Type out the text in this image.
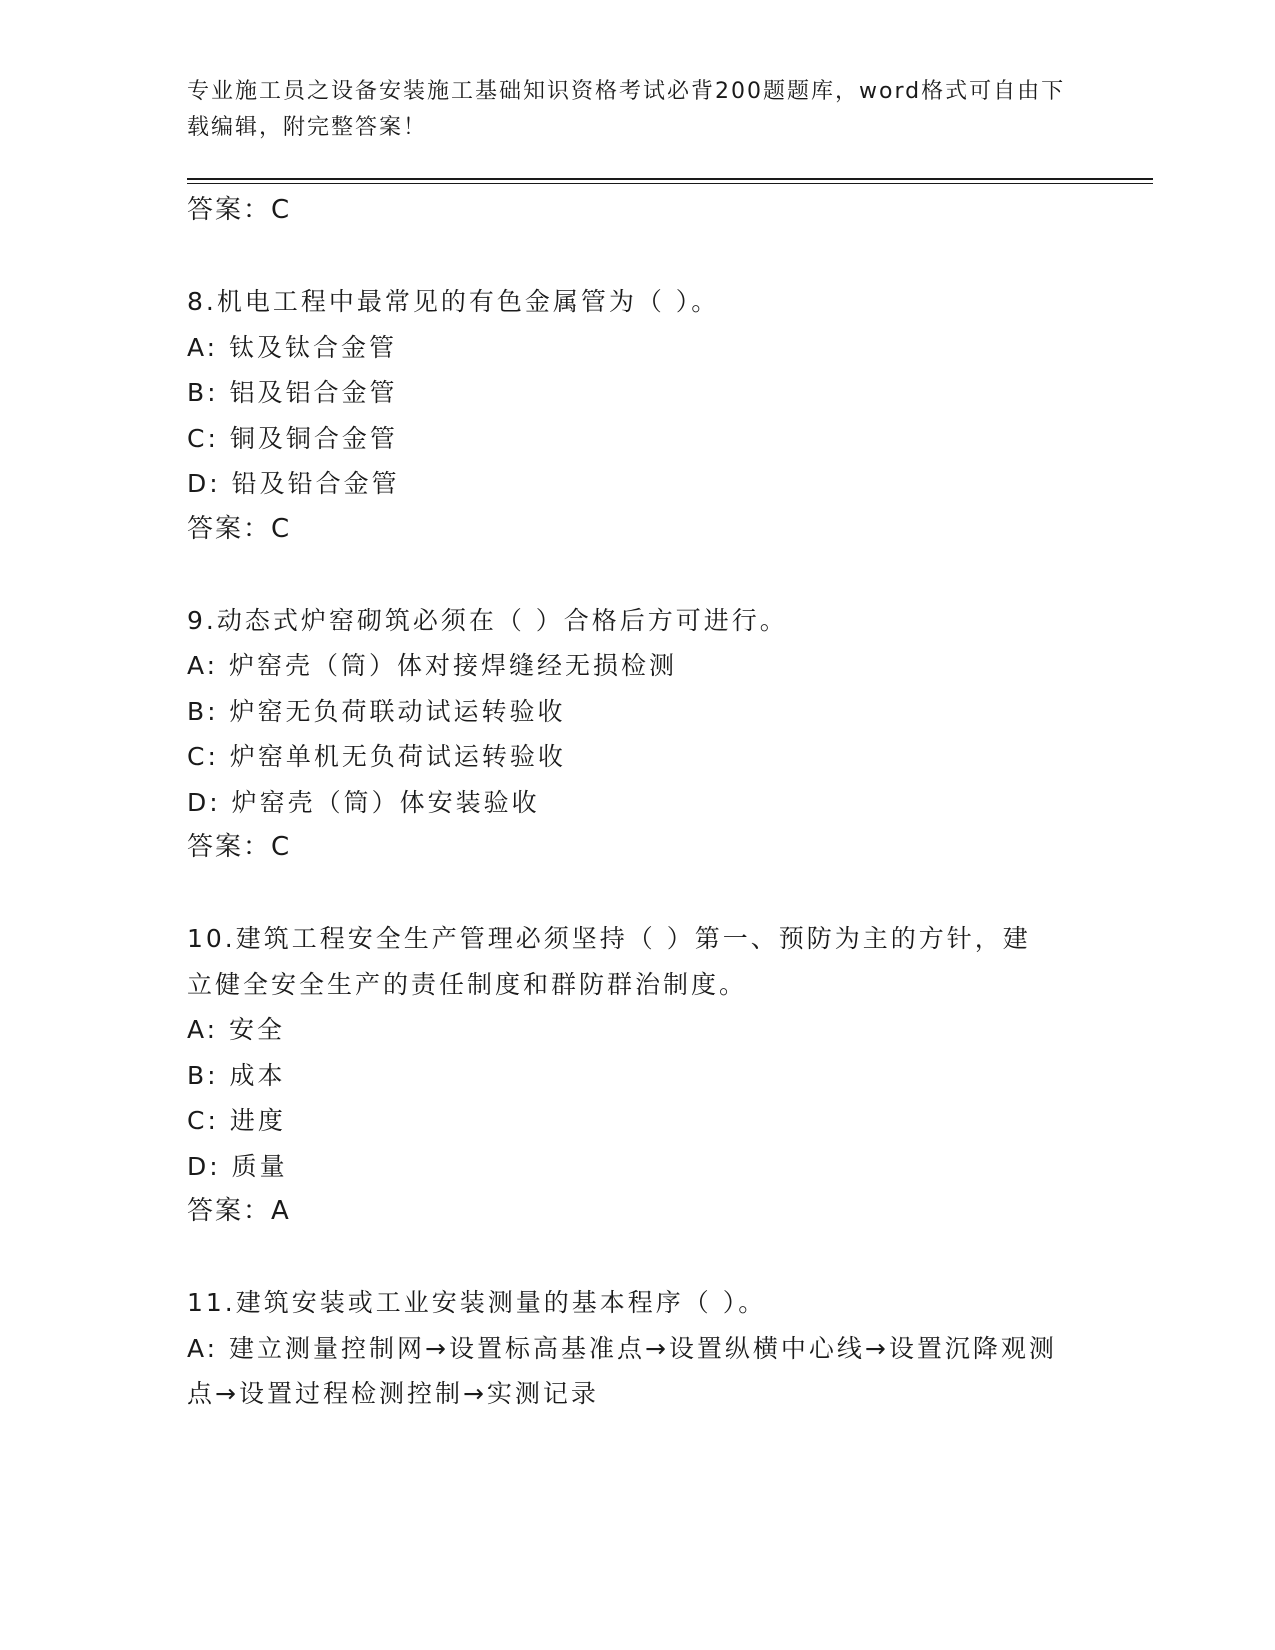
专业施工员之设备安装施工基础知识资格考试必背200题题库，word格式可自由下载编辑，附完整答案！
答案：C
8.机电工程中最常见的有色金属管为（ ）。
A: 钛及钛合金管
B: 铝及铝合金管
C: 铜及铜合金管
D: 铅及铅合金管
答案：C
9.动态式炉窑砌筑必须在（ ）合格后方可进行。
A: 炉窑壳（筒）体对接焊缝经无损检测
B: 炉窑无负荷联动试运转验收
C: 炉窑单机无负荷试运转验收
D: 炉窑壳（筒）体安装验收
答案：C
10.建筑工程安全生产管理必须坚持（ ）第一、预防为主的方针，建立健全安全生产的责任制度和群防群治制度。
A: 安全
B: 成本
C: 进度
D: 质量
答案：A
11.建筑安装或工业安装测量的基本程序（ ）。
A: 建立测量控制网→设置标高基准点→设置纵横中心线→设置沉降观测点→设置过程检测控制→实测记录
